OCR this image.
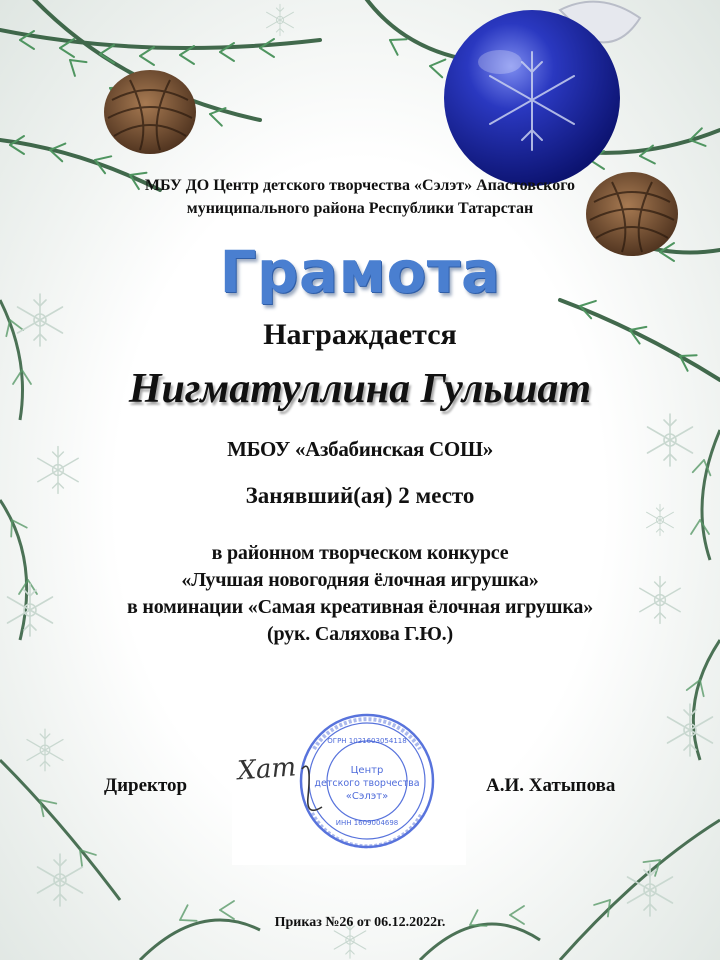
МБУ ДО Центр детского творчества «Сэлэт» Апастовского
муниципального района Республики Татарстан
Грамота
Награждается
Нигматуллина Гульшат
МБОУ «Азбабинская СОШ»
Занявший(ая) 2 место
в районном творческом конкурсе
«Лучшая новогодняя ёлочная игрушка»
в номинации «Самая креативная ёлочная игрушка»
(рук. Саляхова Г.Ю.)
Центр
детского творчества
«Сэлэт»
ОГРН 1021603054118
ИНН 1609004698
Хат
Директор	А.И. Хатыпова
Приказ №26 от 06.12.2022г.
